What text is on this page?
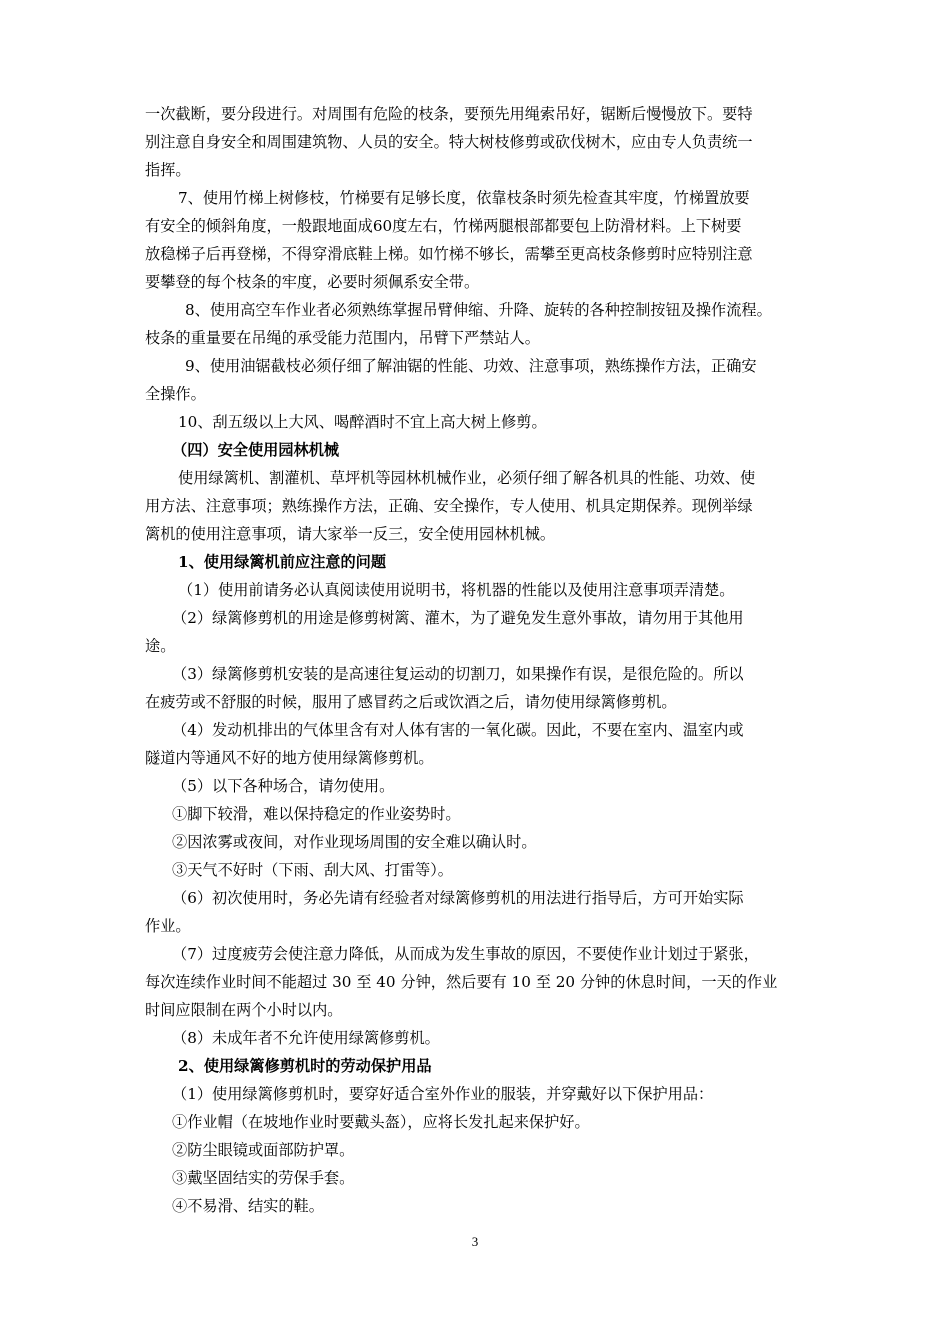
一次截断，要分段进行。对周围有危险的枝条，要预先用绳索吊好，锯断后慢慢放下。要特
别注意自身安全和周围建筑物、人员的安全。特大树枝修剪或砍伐树木，应由专人负责统一
指挥。
7、使用竹梯上树修枝，竹梯要有足够长度，依靠枝条时须先检查其牢度，竹梯置放要
有安全的倾斜角度，一般跟地面成60度左右，竹梯两腿根部都要包上防滑材料。上下树要
放稳梯子后再登梯，不得穿滑底鞋上梯。如竹梯不够长，需攀至更高枝条修剪时应特别注意
要攀登的每个枝条的牢度，必要时须佩系安全带。
8、使用高空车作业者必须熟练掌握吊臂伸缩、升降、旋转的各种控制按钮及操作流程。
枝条的重量要在吊绳的承受能力范围内，吊臂下严禁站人。
9、使用油锯截枝必须仔细了解油锯的性能、功效、注意事项，熟练操作方法，正确安
全操作。
10、刮五级以上大风、喝醉酒时不宜上高大树上修剪。
（四）安全使用园林机械
使用绿篱机、割灌机、草坪机等园林机械作业，必须仔细了解各机具的性能、功效、使
用方法、注意事项；熟练操作方法，正确、安全操作，专人使用、机具定期保养。现例举绿
篱机的使用注意事项，请大家举一反三，安全使用园林机械。
1、使用绿篱机前应注意的问题
（1）使用前请务必认真阅读使用说明书，将机器的性能以及使用注意事项弄清楚。
（2）绿篱修剪机的用途是修剪树篱、灌木，为了避免发生意外事故，请勿用于其他用
途。
（3）绿篱修剪机安装的是高速往复运动的切割刀，如果操作有误，是很危险的。所以
在疲劳或不舒服的时候，服用了感冒药之后或饮酒之后，请勿使用绿篱修剪机。
（4）发动机排出的气体里含有对人体有害的一氧化碳。因此，不要在室内、温室内或
隧道内等通风不好的地方使用绿篱修剪机。
（5）以下各种场合，请勿使用。
①脚下较滑，难以保持稳定的作业姿势时。
②因浓雾或夜间，对作业现场周围的安全难以确认时。
③天气不好时（下雨、刮大风、打雷等）。
（6）初次使用时，务必先请有经验者对绿篱修剪机的用法进行指导后，方可开始实际
作业。
（7）过度疲劳会使注意力降低，从而成为发生事故的原因，不要使作业计划过于紧张，
每次连续作业时间不能超过 30 至 40 分钟，然后要有 10 至 20 分钟的休息时间，一天的作业
时间应限制在两个小时以内。
（8）未成年者不允许使用绿篱修剪机。
2、使用绿篱修剪机时的劳动保护用品
（1）使用绿篱修剪机时，要穿好适合室外作业的服装，并穿戴好以下保护用品：
①作业帽（在坡地作业时要戴头盔），应将长发扎起来保护好。
②防尘眼镜或面部防护罩。
③戴坚固结实的劳保手套。
④不易滑、结实的鞋。
3
